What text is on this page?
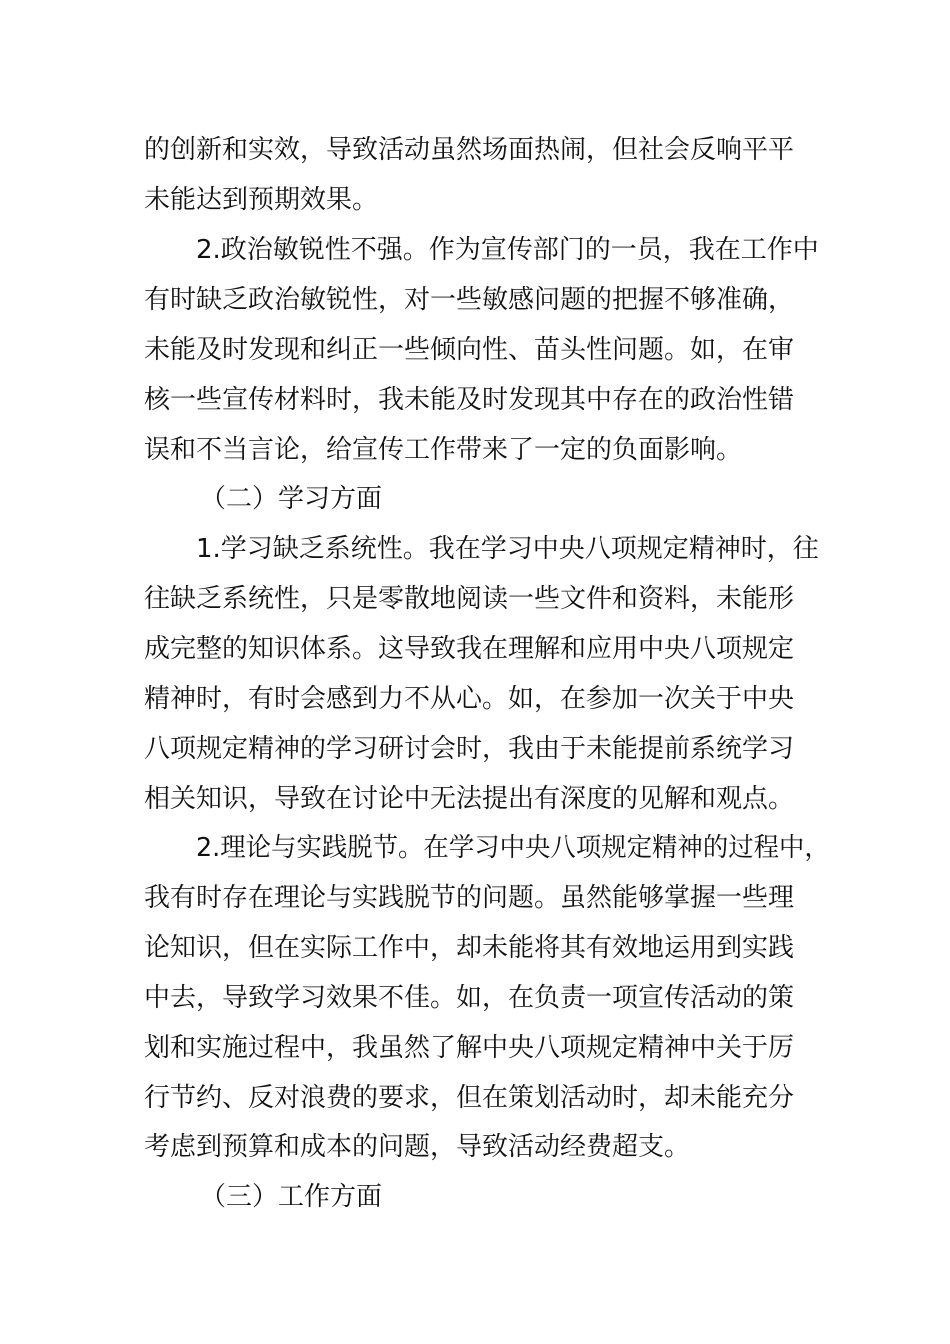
的创新和实效，导致活动虽然场面热闹，但社会反响平平
未能达到预期效果。
2.政治敏锐性不强。作为宣传部门的一员，我在工作中
有时缺乏政治敏锐性，对一些敏感问题的把握不够准确，
未能及时发现和纠正一些倾向性、苗头性问题。如，在审
核一些宣传材料时，我未能及时发现其中存在的政治性错
误和不当言论，给宣传工作带来了一定的负面影响。
（二）学习方面
1.学习缺乏系统性。我在学习中央八项规定精神时，往
往缺乏系统性，只是零散地阅读一些文件和资料，未能形
成完整的知识体系。这导致我在理解和应用中央八项规定
精神时，有时会感到力不从心。如，在参加一次关于中央
八项规定精神的学习研讨会时，我由于未能提前系统学习
相关知识，导致在讨论中无法提出有深度的见解和观点。
2.理论与实践脱节。在学习中央八项规定精神的过程中，
我有时存在理论与实践脱节的问题。虽然能够掌握一些理
论知识，但在实际工作中，却未能将其有效地运用到实践
中去，导致学习效果不佳。如，在负责一项宣传活动的策
划和实施过程中，我虽然了解中央八项规定精神中关于厉
行节约、反对浪费的要求，但在策划活动时，却未能充分
考虑到预算和成本的问题，导致活动经费超支。
（三）工作方面
